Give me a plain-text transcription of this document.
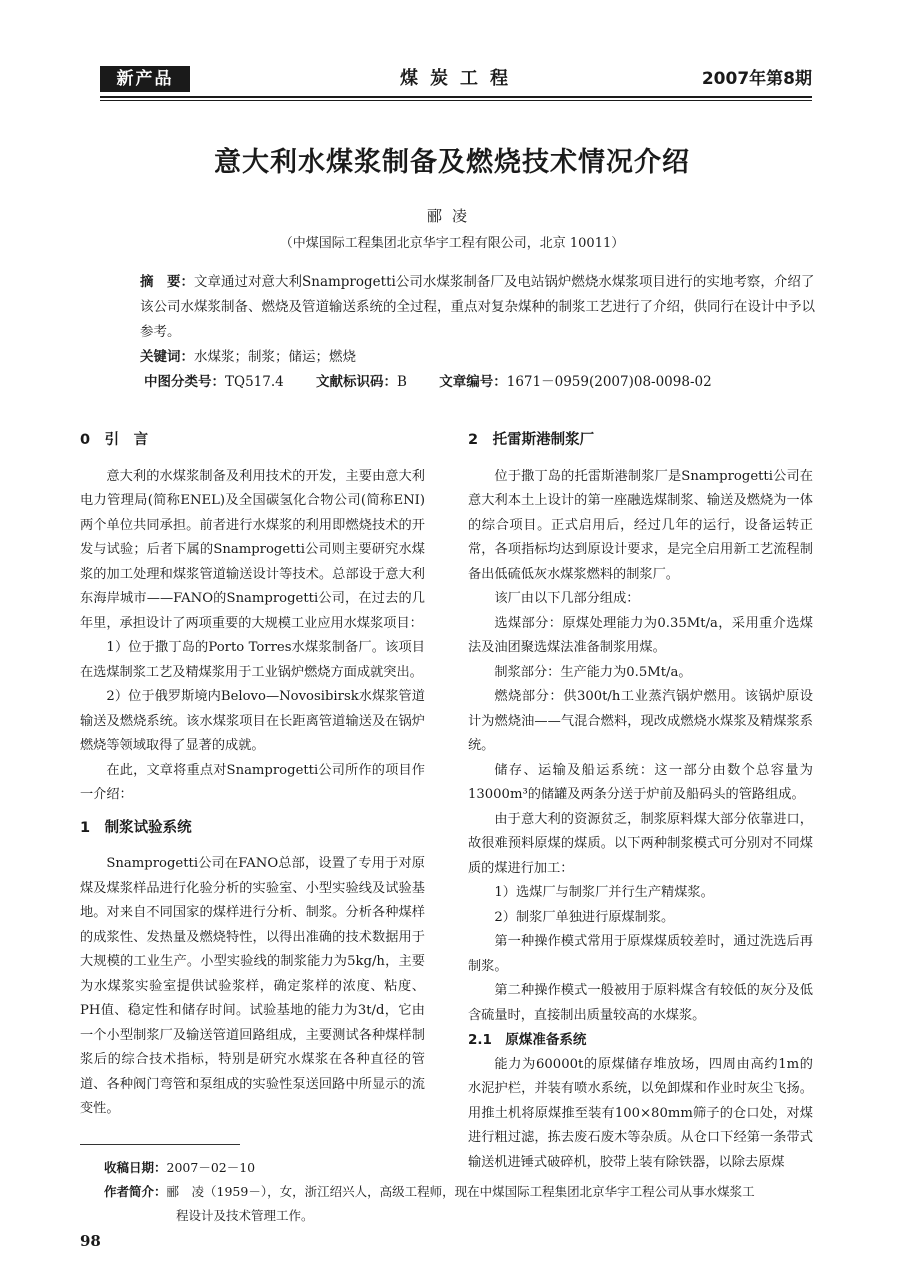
新产品	煤炭工程	2007年第8期
意大利水煤浆制备及燃烧技术情况介绍
郦凌
（中煤国际工程集团北京华宇工程有限公司，北京 10011）

摘　要：文章通过对意大利Snamprogetti公司水煤浆制备厂及电站锅炉燃烧水煤浆项目进行的实地考察，介绍了该公司水煤浆制备、燃烧及管道输送系统的全过程，重点对复杂煤种的制浆工艺进行了介绍，供同行在设计中予以参考。

关键词：水煤浆；制浆；储运；燃烧

中图分类号：TQ517.4 文献标识码：B 文章编号：1671－0959(2007)08-0098-02

0　引　言

意大利的水煤浆制备及利用技术的开发，主要由意大利电力管理局(简称ENEL)及全国碳氢化合物公司(简称ENI)两个单位共同承担。前者进行水煤浆的利用即燃烧技术的开发与试验；后者下属的Snamprogetti公司则主要研究水煤浆的加工处理和煤浆管道输送设计等技术。总部设于意大利东海岸城市——FANO的Snamprogetti公司，在过去的几年里，承担设计了两项重要的大规模工业应用水煤浆项目：

1）位于撒丁岛的Porto Torres水煤浆制备厂。该项目在选煤制浆工艺及精煤浆用于工业锅炉燃烧方面成就突出。

2）位于俄罗斯境内Belovo—Novosibirsk水煤浆管道输送及燃烧系统。该水煤浆项目在长距离管道输送及在锅炉燃烧等领域取得了显著的成就。

在此，文章将重点对Snamprogetti公司所作的项目作一介绍：

1　制浆试验系统

Snamprogetti公司在FANO总部，设置了专用于对原煤及煤浆样品进行化验分析的实验室、小型实验线及试验基地。对来自不同国家的煤样进行分析、制浆。分析各种煤样的成浆性、发热量及燃烧特性，以得出准确的技术数据用于大规模的工业生产。小型实验线的制浆能力为5kg/h，主要为水煤浆实验室提供试验浆样，确定浆样的浓度、粘度、PH值、稳定性和储存时间。试验基地的能力为3t/d，它由一个小型制浆厂及输送管道回路组成，主要测试各种煤样制浆后的综合技术指标，特别是研究水煤浆在各种直径的管道、各种阀门弯管和泵组成的实验性泵送回路中所显示的流变性。

2　托雷斯港制浆厂

位于撒丁岛的托雷斯港制浆厂是Snamprogetti公司在意大利本土上设计的第一座融选煤制浆、输送及燃烧为一体的综合项目。正式启用后，经过几年的运行，设备运转正常，各项指标均达到原设计要求，是完全启用新工艺流程制备出低硫低灰水煤浆燃料的制浆厂。

该厂由以下几部分组成：

选煤部分：原煤处理能力为0.35Mt/a，采用重介选煤法及油团聚选煤法准备制浆用煤。

制浆部分：生产能力为0.5Mt/a。

燃烧部分：供300t/h工业蒸汽锅炉燃用。该锅炉原设计为燃烧油——气混合燃料，现改成燃烧水煤浆及精煤浆系统。

储存、运输及船运系统：这一部分由数个总容量为13000m³的储罐及两条分送于炉前及船码头的管路组成。

由于意大利的资源贫乏，制浆原料煤大部分依靠进口，故很难预料原煤的煤质。以下两种制浆模式可分别对不同煤质的煤进行加工：

1）选煤厂与制浆厂并行生产精煤浆。

2）制浆厂单独进行原煤制浆。

第一种操作模式常用于原煤煤质较差时，通过洗选后再制浆。

第二种操作模式一般被用于原料煤含有较低的灰分及低含硫量时，直接制出质量较高的水煤浆。

2.1　原煤准备系统

能力为60000t的原煤储存堆放场，四周由高约1m的水泥护栏，并装有喷水系统，以免卸煤和作业时灰尘飞扬。用推土机将原煤推至装有100×80mm筛子的仓口处，对煤进行粗过滤，拣去废石废木等杂质。从仓口下经第一条带式输送机进锤式破碎机，胶带上装有除铁器，以除去原煤

收稿日期：2007－02－10

作者简介：郦　凌（1959－），女，浙江绍兴人，高级工程师，现在中煤国际工程集团北京华宇工程公司从事水煤浆工

程设计及技术管理工作。

98
